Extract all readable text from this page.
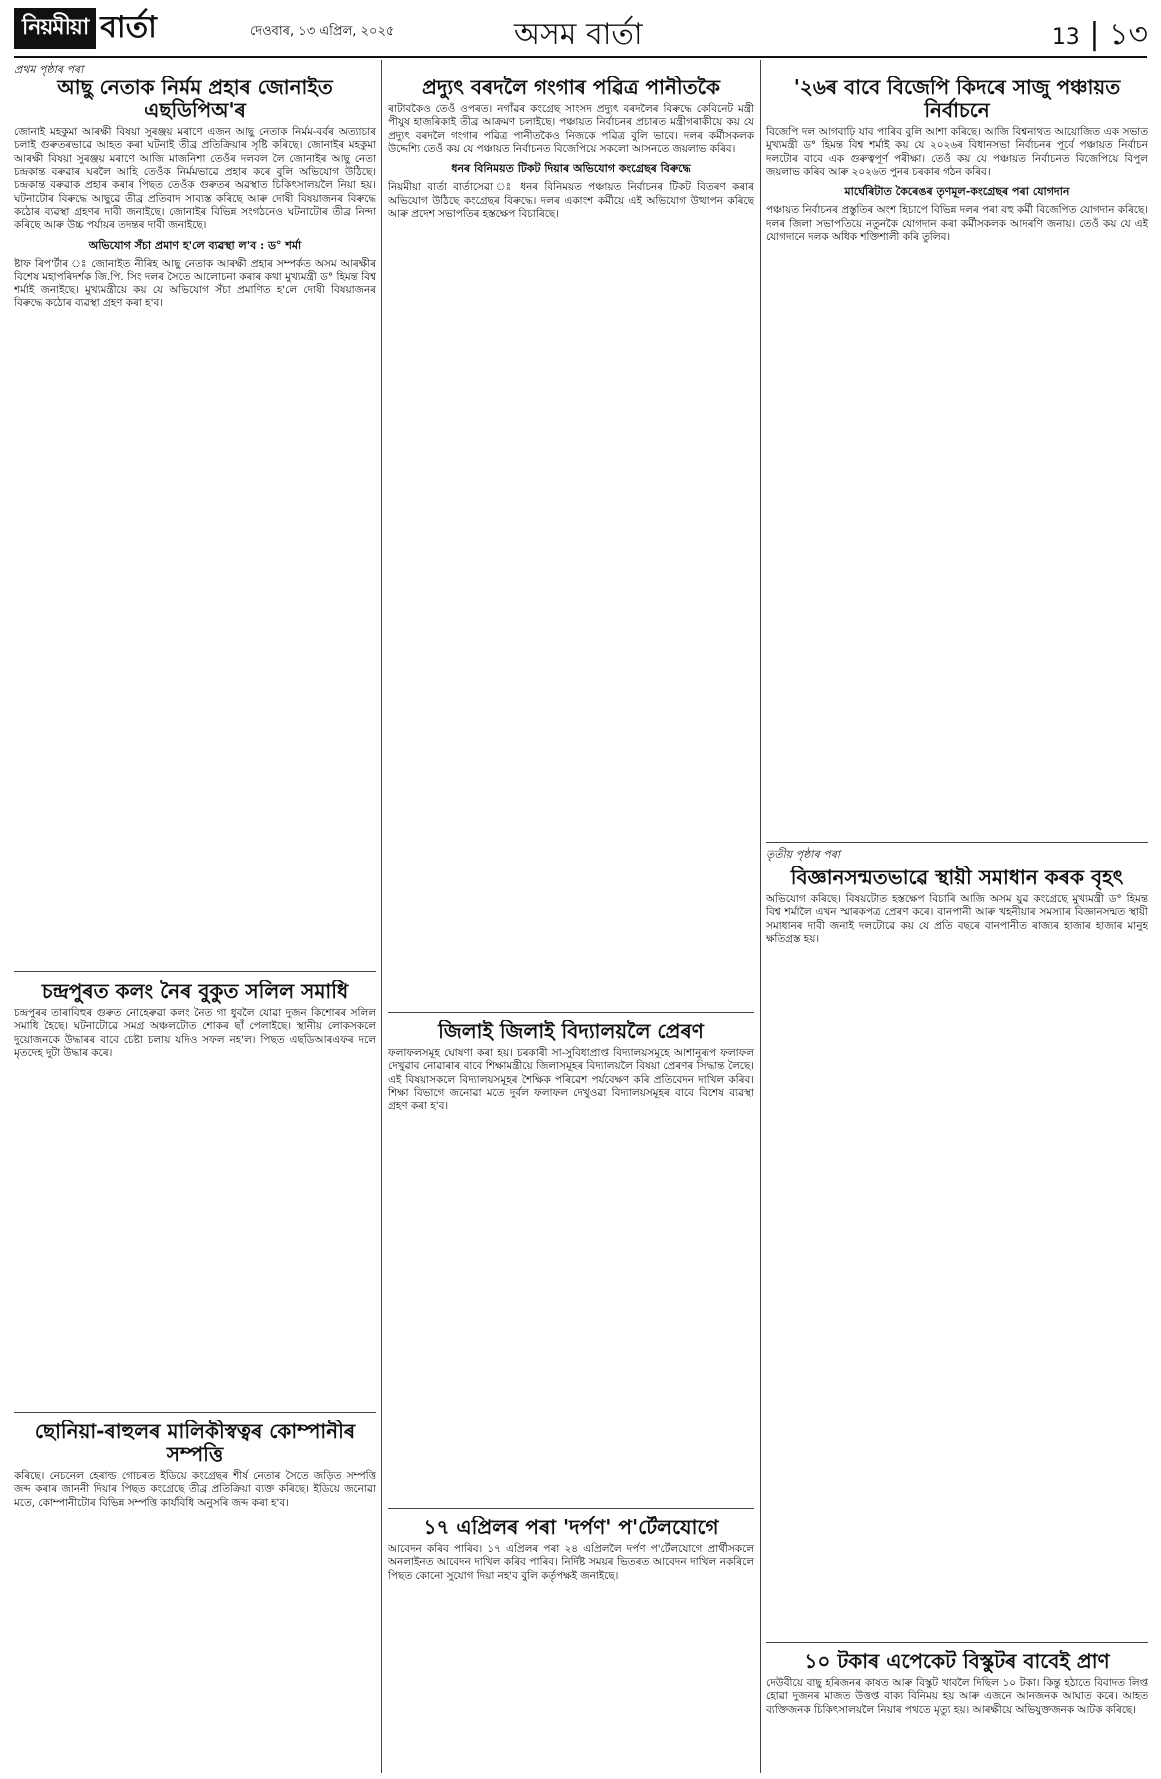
নিয়মীয়া বাৰ্তা	দেওবাৰ, ১৩ এপ্ৰিল, ২০২৫	অসম বাৰ্তা	13 | ১৩
প্ৰথম পৃষ্ঠাৰ পৰা
আছু নেতাক নিৰ্মম প্ৰহাৰ জোনাইত এছডিপিঅ'ৰ

জোনাই মহকুমা আৰক্ষী বিষয়া সুৰঞ্জয় মৰাণে এজন আছু নেতাক নিৰ্মম-বৰ্বৰ অত্যাচাৰ চলাই গুৰুতৰভাৱে আহত কৰা ঘটনাই তীব্ৰ প্ৰতিক্ৰিয়াৰ সৃষ্টি কৰিছে। জোনাইৰ মহকুমা আৰক্ষী বিষয়া সুৰঞ্জয় মৰাণে আজি মাজনিশা তেওঁৰ দলবল লৈ জোনাইৰ আছু নেতা চন্দ্ৰকান্ত বৰুৱাৰ ঘৰলৈ আহি তেওঁক নিৰ্মমভাৱে প্ৰহাৰ কৰে বুলি অভিযোগ উঠিছে। চন্দ্ৰকান্ত বৰুৱাক প্ৰহাৰ কৰাৰ পিছত তেওঁক গুৰুতৰ অৱস্থাত চিকিৎসালয়লৈ নিয়া হয়। ঘটনাটোৰ বিৰুদ্ধে আছুৱে তীব্ৰ প্ৰতিবাদ সাব্যস্ত কৰিছে আৰু দোষী বিষয়াজনৰ বিৰুদ্ধে কঠোৰ ব্যৱস্থা গ্ৰহণৰ দাবী জনাইছে। জোনাইৰ বিভিন্ন সংগঠনেও ঘটনাটোৰ তীব্ৰ নিন্দা কৰিছে আৰু উচ্চ পৰ্যায়ৰ তদন্তৰ দাবী জনাইছে।

অভিযোগ সঁচা প্ৰমাণ হ'লে ব্যৱস্থা ল'ব : ড° শৰ্মা

ষ্টাফ ৰিপ'ৰ্টাৰ ঃ জোনাইত নীৰিহ আছু নেতাক আৰক্ষী প্ৰহাৰ সম্পৰ্কত অসম আৰক্ষীৰ বিশেষ মহাপৰিদৰ্শক জি.পি. সিং দলৰ সৈতে আলোচনা কৰাৰ কথা মুখ্যমন্ত্ৰী ড° হিমন্ত বিশ্ব শৰ্মাই জনাইছে। মুখ্যমন্ত্ৰীয়ে কয় যে অভিযোগ সঁচা প্ৰমাণিত হ'লে দোষী বিষয়াজনৰ বিৰুদ্ধে কঠোৰ ব্যৱস্থা গ্ৰহণ কৰা হ'ব।

চন্দ্ৰপুৰত কলং নৈৰ বুকুত সলিল সমাধি

চন্দ্ৰপুৰৰ তাৰাবিহুৰ গুৰুত নোহেৰুৱা কলং নৈত গা ধুবলৈ যোৱা দুজন কিশোৰৰ সলিল সমাধি হৈছে। ঘটনাটোৱে সমগ্ৰ অঞ্চলটোত শোকৰ ছাঁ পেলাইছে। স্থানীয় লোকসকলে দুয়োজনকে উদ্ধাৰৰ বাবে চেষ্টা চলায় যদিও সফল নহ'ল। পিছত এছডিআৰএফৰ দলে মৃতদেহ দুটা উদ্ধাৰ কৰে।

ছোনিয়া-ৰাহুলৰ মালিকীস্বত্বৰ কোম্পানীৰ সম্পত্তি

কৰিছে। নেচনেল হেৰাল্ড গোচৰত ইডিয়ে কংগ্ৰেছৰ শীৰ্ষ নেতাৰ সৈতে জড়িত সম্পত্তি জব্দ কৰাৰ জাননী দিয়াৰ পিছত কংগ্ৰেছে তীব্ৰ প্ৰতিক্ৰিয়া ব্যক্ত কৰিছে। ইডিয়ে জনোৱা মতে, কোম্পানীটোৰ বিভিন্ন সম্পত্তি কাৰ্যবিধি অনুসৰি জব্দ কৰা হ'ব।

প্ৰদ্যুৎ বৰদলৈ গংগাৰ পৱিত্ৰ পানীতকৈ

ৰাটাবকৈও তেওঁ ওপৰত। নগাঁৱৰ কংগ্ৰেছ সাংসদ প্ৰদ্যুৎ বৰদলৈৰ বিৰুদ্ধে কেবিনেট মন্ত্ৰী পীযুষ হাজৰিকাই তীব্ৰ আক্ৰমণ চলাইছে। পঞ্চায়ত নিৰ্বাচনৰ প্ৰচাৰত মন্ত্ৰীগৰাকীয়ে কয় যে প্ৰদ্যুৎ বৰদলৈ গংগাৰ পৱিত্ৰ পানীতকৈও নিজকে পৱিত্ৰ বুলি ভাবে। দলৰ কৰ্মীসকলক উদ্দেশ্যি তেওঁ কয় যে পঞ্চায়ত নিৰ্বাচনত বিজেপিয়ে সকলো আসনতে জয়লাভ কৰিব।

ধনৰ বিনিময়ত টিকট দিয়াৰ অভিযোগ কংগ্ৰেছৰ বিৰুদ্ধে

নিয়মীয়া বাৰ্তা বাৰ্তাসেৱা ঃ ধনৰ বিনিময়ত পঞ্চায়ত নিৰ্বাচনৰ টিকট বিতৰণ কৰাৰ অভিযোগ উঠিছে কংগ্ৰেছৰ বিৰুদ্ধে। দলৰ একাংশ কৰ্মীয়ে এই অভিযোগ উত্থাপন কৰিছে আৰু প্ৰদেশ সভাপতিৰ হস্তক্ষেপ বিচাৰিছে।

জিলাই জিলাই বিদ্যালয়লৈ প্ৰেৰণ

ফলাফলসমূহ ঘোষণা কৰা হয়। চৰকাৰী সা-সুবিধাপ্ৰাপ্ত বিদ্যালয়সমূহে আশানুৰূপ ফলাফল দেখুৱাব নোৱাৰাৰ বাবে শিক্ষামন্ত্ৰীয়ে জিলাসমূহৰ বিদ্যালয়লৈ বিষয়া প্ৰেৰণৰ সিদ্ধান্ত লৈছে। এই বিষয়াসকলে বিদ্যালয়সমূহৰ শৈক্ষিক পৰিৱেশ পৰ্যবেক্ষণ কৰি প্ৰতিবেদন দাখিল কৰিব। শিক্ষা বিভাগে জনোৱা মতে দুৰ্বল ফলাফল দেখুওৱা বিদ্যালয়সমূহৰ বাবে বিশেষ ব্যৱস্থা গ্ৰহণ কৰা হ'ব।

১৭ এপ্ৰিলৰ পৰা 'দৰ্পণ' প'ৰ্টেলযোগে

আবেদন কৰিব পাৰিব। ১৭ এপ্ৰিলৰ পৰা ২৪ এপ্ৰিললৈ দৰ্পণ প'ৰ্টেলযোগে প্ৰাৰ্থীসকলে অনলাইনত আবেদন দাখিল কৰিব পাৰিব। নিৰ্দিষ্ট সময়ৰ ভিতৰত আবেদন দাখিল নকৰিলে পিছত কোনো সুযোগ দিয়া নহ'ব বুলি কৰ্তৃপক্ষই জনাইছে।

'২৬ৰ বাবে বিজেপি কিদৰে সাজু পঞ্চায়ত নিৰ্বাচনে

বিজেপি দল আগবাঢ়ি যাব পাৰিব বুলি আশা কৰিছে। আজি বিশ্বনাথত আয়োজিত এক সভাত মুখ্যমন্ত্ৰী ড° হিমন্ত বিশ্ব শৰ্মাই কয় যে ২০২৬ৰ বিধানসভা নিৰ্বাচনৰ পূৰ্বে পঞ্চায়ত নিৰ্বাচন দলটোৰ বাবে এক গুৰুত্বপূৰ্ণ পৰীক্ষা। তেওঁ কয় যে পঞ্চায়ত নিৰ্বাচনত বিজেপিয়ে বিপুল জয়লাভ কৰিব আৰু ২০২৬ত পুনৰ চৰকাৰ গঠন কৰিব।

মাৰ্ঘেৰিটাত কৈৰেঙৰ তৃণমূল-কংগ্ৰেছৰ পৰা যোগদান

পঞ্চায়ত নিৰ্বাচনৰ প্ৰস্তুতিৰ অংশ হিচাপে বিভিন্ন দলৰ পৰা বহু কৰ্মী বিজেপিত যোগদান কৰিছে। দলৰ জিলা সভাপতিয়ে নতুনকৈ যোগদান কৰা কৰ্মীসকলক আদৰণি জনায়। তেওঁ কয় যে এই যোগদানে দলক অধিক শক্তিশালী কৰি তুলিব।

তৃতীয় পৃষ্ঠাৰ পৰা
বিজ্ঞানসন্মতভাৱে স্থায়ী সমাধান কৰক বৃহৎ

অভিযোগ কৰিছে। বিষয়টোত হস্তক্ষেপ বিচাৰি আজি অসম যুৱ কংগ্ৰেছে মুখ্যমন্ত্ৰী ড° হিমন্ত বিশ্ব শৰ্মালৈ এখন স্মাৰকপত্ৰ প্ৰেৰণ কৰে। বানপানী আৰু খহনীয়াৰ সমস্যাৰ বিজ্ঞানসন্মত স্থায়ী সমাধানৰ দাবী জনাই দলটোৱে কয় যে প্ৰতি বছৰে বানপানীত ৰাজ্যৰ হাজাৰ হাজাৰ মানুহ ক্ষতিগ্ৰস্ত হয়।

১০ টকাৰ এপেকেট বিস্কুটৰ বাবেই প্ৰাণ

দেউবীয়ে বাছু হৰিজনৰ কাষত আৰু বিস্কুট খাবলৈ দিছিল ১০ টকা। কিন্তু হঠাতে বিবাদত লিপ্ত হোৱা দুজনৰ মাজত উত্তপ্ত বাক্য বিনিময় হয় আৰু এজনে আনজনক আঘাত কৰে। আহত ব্যক্তিজনক চিকিৎসালয়লৈ নিয়াৰ পথতে মৃত্যু হয়। আৰক্ষীয়ে অভিযুক্তজনক আটক কৰিছে।
